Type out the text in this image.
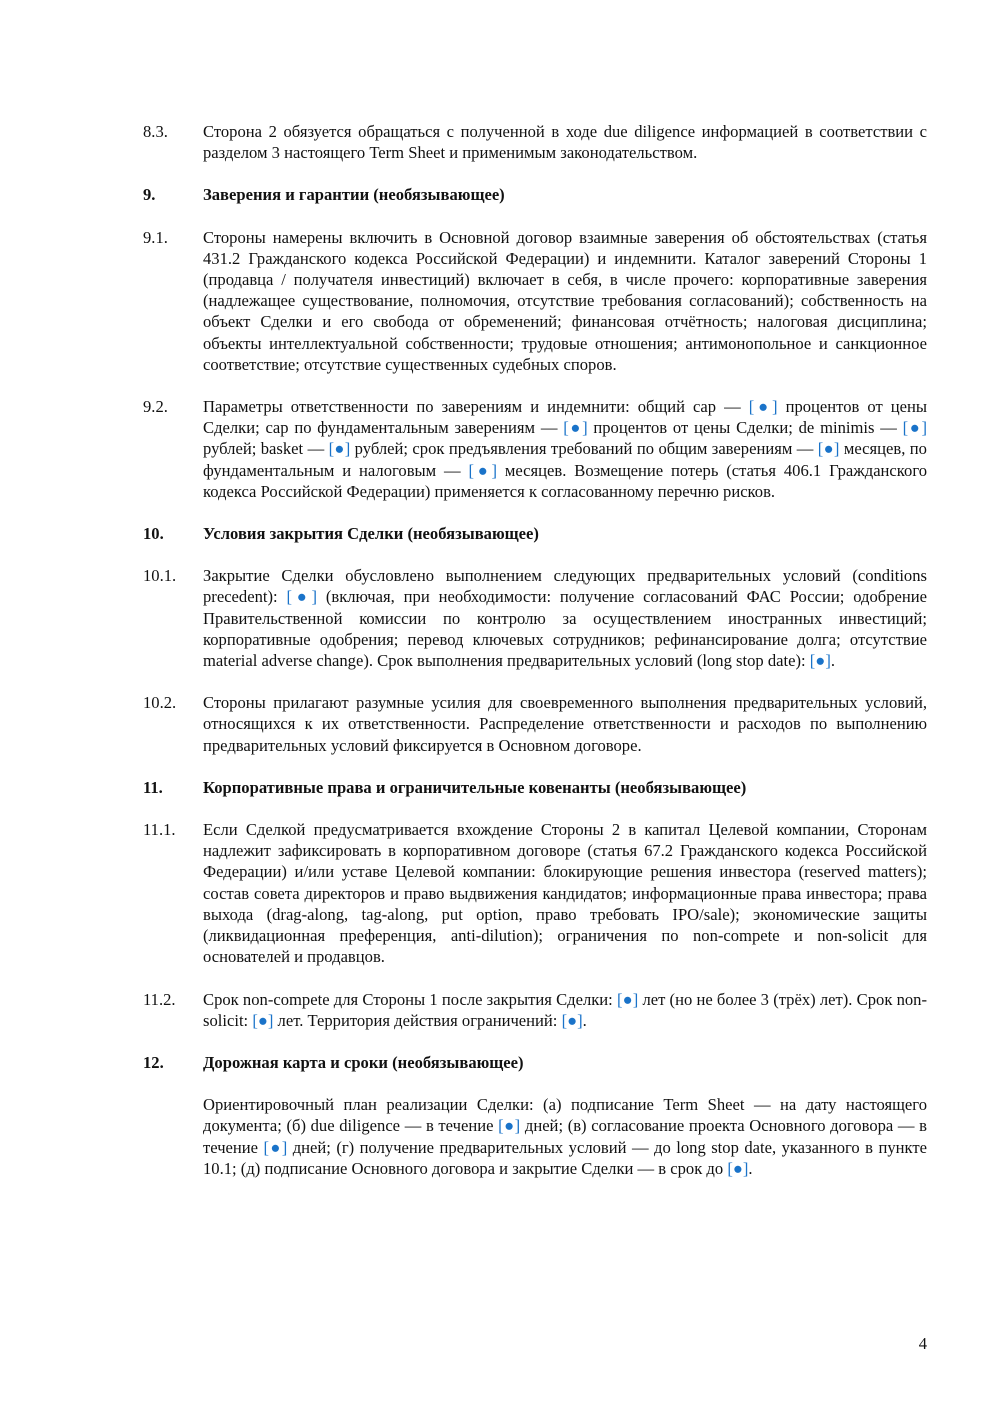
8.3.	Сторона 2 обязуется обращаться с полученной в ходе due diligence информацией в соответствии с разделом 3 настоящего Term Sheet и применимым законодательством.
9.	Заверения и гарантии (необязывающее)
9.1.	Стороны намерены включить в Основной договор взаимные заверения об обстоятельствах (статья 431.2 Гражданского кодекса Российской Федерации) и индемнити. Каталог заверений Стороны 1 (продавца / получателя инвестиций) включает в себя, в числе прочего: корпоративные заверения (надлежащее существование, полномочия, отсутствие требования согласований); собственность на объект Сделки и его свобода от обременений; финансовая отчётность; налоговая дисциплина; объекты интеллектуальной собственности; трудовые отношения; антимонопольное и санкционное соответствие; отсутствие существенных судебных споров.
9.2.	Параметры ответственности по заверениям и индемнити: общий cap — [●] процентов от цены Сделки; cap по фундаментальным заверениям — [●] процентов от цены Сделки; de minimis — [●] рублей; basket — [●] рублей; срок предъявления требований по общим заверениям — [●] месяцев, по фундаментальным и налоговым — [●] месяцев. Возмещение потерь (статья 406.1 Гражданского кодекса Российской Федерации) применяется к согласованному перечню рисков.
10.	Условия закрытия Сделки (необязывающее)
10.1.	Закрытие Сделки обусловлено выполнением следующих предварительных условий (conditions precedent): [●] (включая, при необходимости: получение согласований ФАС России; одобрение Правительственной комиссии по контролю за осуществлением иностранных инвестиций; корпоративные одобрения; перевод ключевых сотрудников; рефинансирование долга; отсутствие material adverse change). Срок выполнения предварительных условий (long stop date): [●].
10.2.	Стороны прилагают разумные усилия для своевременного выполнения предварительных условий, относящихся к их ответственности. Распределение ответственности и расходов по выполнению предварительных условий фиксируется в Основном договоре.
11.	Корпоративные права и ограничительные ковенанты (необязывающее)
11.1.	Если Сделкой предусматривается вхождение Стороны 2 в капитал Целевой компании, Сторонам надлежит зафиксировать в корпоративном договоре (статья 67.2 Гражданского кодекса Российской Федерации) и/или уставе Целевой компании: блокирующие решения инвестора (reserved matters); состав совета директоров и право выдвижения кандидатов; информационные права инвестора; права выхода (drag-along, tag-along, put option, право требовать IPO/sale); экономические защиты (ликвидационная преференция, anti-dilution); ограничения по non-compete и non-solicit для основателей и продавцов.
11.2.	Срок non-compete для Стороны 1 после закрытия Сделки: [●] лет (но не более 3 (трёх) лет). Срок non-solicit: [●] лет. Территория действия ограничений: [●].
12.	Дорожная карта и сроки (необязывающее)
Ориентировочный план реализации Сделки: (а) подписание Term Sheet — на дату настоящего документа; (б) due diligence — в течение [●] дней; (в) согласование проекта Основного договора — в течение [●] дней; (г) получение предварительных условий — до long stop date, указанного в пункте 10.1; (д) подписание Основного договора и закрытие Сделки — в срок до [●].
4
